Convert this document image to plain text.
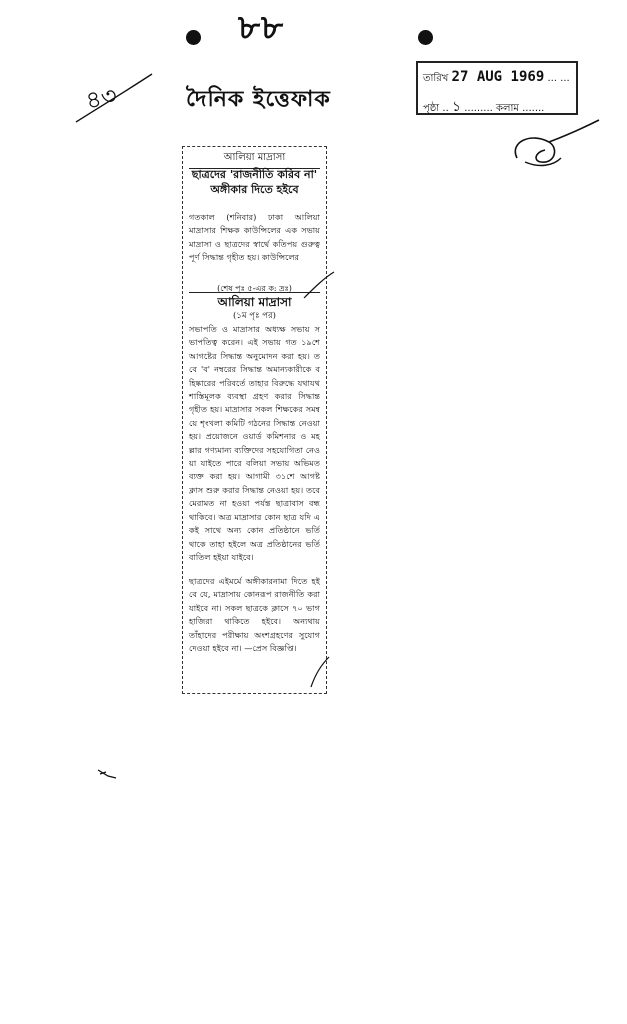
৮৮
৪৩	দৈনিক ইত্তেফাক
তারিখ 27 AUG 1969 ... ...
পৃষ্ঠা .. ১ ......... কলাম .......
আলিয়া মাদ্রাসা
ছাত্রদের 'রাজনীতি করিব না' অঙ্গীকার দিতে হইবে
গতকাল (শনিবার) ঢাকা আলিয়া মাদ্রাসার শিক্ষক কাউন্সিলের এক সভায় মাদ্রাসা ও ছাত্রদের স্বার্থে কতিপয় গুরুত্বপূর্ণ সিদ্ধান্ত গৃহীত হয়। কাউন্সিলের
(শেষ পৃঃ ৫-এর ক: দ্রঃ)
আলিয়া মাদ্রাসা
(১ম পৃঃ পর)
সভাপতি ও মাদ্রাসার অধ্যক্ষ সভায় সভাপতিত্ব করেন। এই সভায় গত ১৯শে আগষ্টের সিদ্ধান্ত অনুমোদন করা হয়। তবে 'ব' নম্বরের সিদ্ধান্ত অমান্যকারীকে বহিষ্কারের পরিবর্তে তাহার বিরুদ্ধে যথাযথ শাস্তিমূলক ব্যবস্থা গ্রহণ করার সিদ্ধান্ত গৃহীত হয়। মাদ্রাসার সকল শিক্ষকের সমন্বয়ে শৃংখলা কমিটি গঠনের সিদ্ধান্ত নেওয়া হয়। প্রয়োজনে ওয়ার্ড কমিশনার ও মহল্লার গণ্যমান্য ব্যক্তিদের সহযোগিতা নেওয়া যাইতে পারে বলিয়া সভায় অভিমত ব্যক্ত করা হয়। আগামী ৩১শে আগষ্ট ক্লাস শুরু করার সিদ্ধান্ত নেওয়া হয়। তবে মেরামত না হওয়া পর্যন্ত ছাত্রাবাস বন্ধ থাকিবে। অত্র মাদ্রাসার কোন ছাত্র যদি একই সাথে অন্য কোন প্রতিষ্ঠানে ভর্তি থাকে তাহা হইলে অত্র প্রতিষ্ঠানের ভর্তি বাতিল হইয়া যাইবে।
ছাত্রদের এইমর্মে অঙ্গীকারনামা দিতে হইবে যে, মাদ্রাসায় কোনরূপ রাজনীতি করা যাইবে না। সকল ছাত্রকে ক্লাসে ৭০ ভাগ হাজিরা থাকিতে হইবে। অন্যথায় তাঁহাদের পরীক্ষায় অংশগ্রহণের সুযোগ দেওয়া হইবে না। —প্রেস বিজ্ঞপ্তি।
